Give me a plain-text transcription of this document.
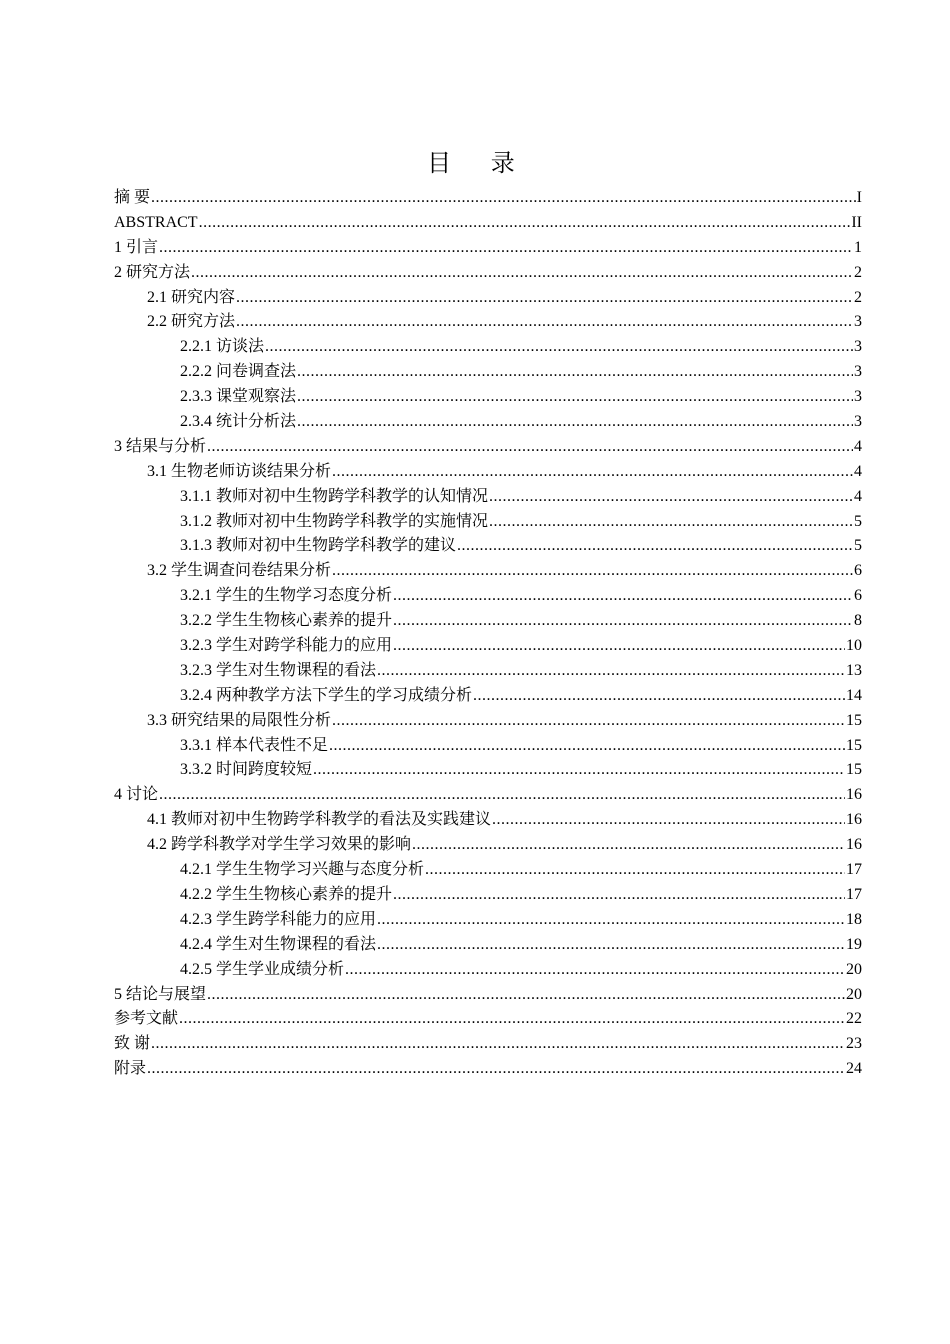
目 录
摘 要 .....	I
ABSTRACT .....	II
1 引言 .....	1
2 研究方法 .....	2
2.1 研究内容 .....	2
2.2 研究方法 .....	3
2.2.1 访谈法 .....	3
2.2.2 问卷调查法 .....	3
2.3.3 课堂观察法 .....	3
2.3.4 统计分析法 .....	3
3 结果与分析 .....	4
3.1 生物老师访谈结果分析 .....	4
3.1.1 教师对初中生物跨学科教学的认知情况 .....	4
3.1.2 教师对初中生物跨学科教学的实施情况 .....	5
3.1.3 教师对初中生物跨学科教学的建议 .....	5
3.2 学生调查问卷结果分析 .....	6
3.2.1 学生的生物学习态度分析 .....	6
3.2.2 学生生物核心素养的提升 .....	8
3.2.3 学生对跨学科能力的应用 .....	10
3.2.3 学生对生物课程的看法 .....	13
3.2.4 两种教学方法下学生的学习成绩分析 .....	14
3.3 研究结果的局限性分析 .....	15
3.3.1 样本代表性不足 .....	15
3.3.2 时间跨度较短 .....	15
4 讨论 .....	16
4.1 教师对初中生物跨学科教学的看法及实践建议 .....	16
4.2 跨学科教学对学生学习效果的影响 .....	16
4.2.1 学生生物学习兴趣与态度分析 .....	17
4.2.2 学生生物核心素养的提升 .....	17
4.2.3 学生跨学科能力的应用 .....	18
4.2.4 学生对生物课程的看法 .....	19
4.2.5 学生学业成绩分析 .....	20
5 结论与展望 .....	20
参考文献 .....	22
致 谢 .....	23
附录 .....	24
